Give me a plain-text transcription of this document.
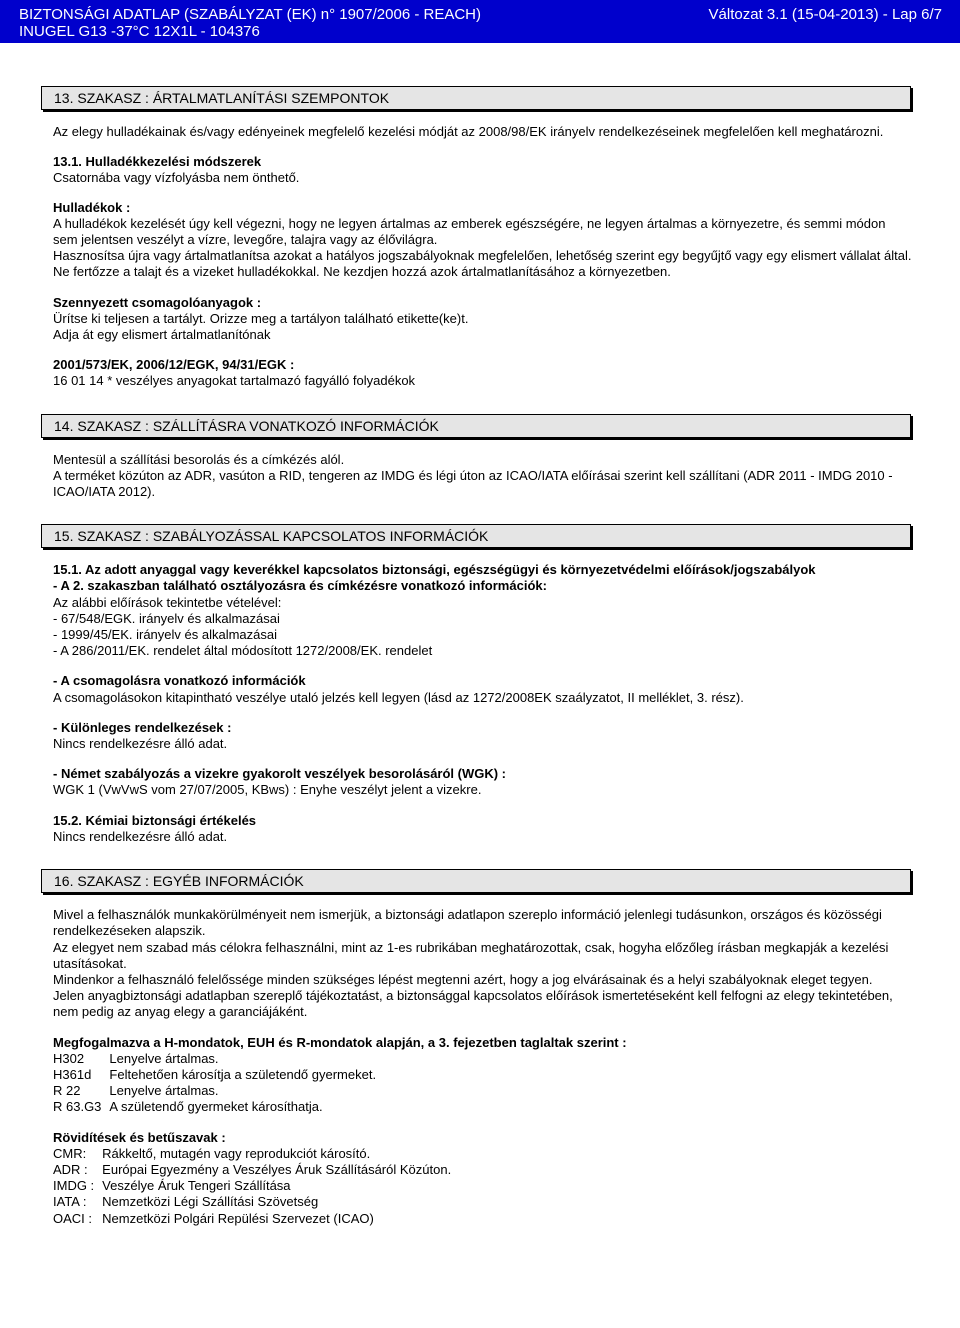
BIZTONSÁGI ADATLAP (SZABÁLYZAT (EK) n° 1907/2006 - REACH)	Változat 3.1 (15-04-2013) - Lap 6/7
INUGEL G13 -37°C 12X1L - 104376
13. SZAKASZ : ÁRTALMATLANÍTÁSI SZEMPONTOK

Az elegy hulladékainak és/vagy edényeinek megfelelő kezelési módját az 2008/98/EK irányelv rendelkezéseinek megfelelően kell meghatározni.

13.1. Hulladékkezelési módszerek

Csatornába vagy vízfolyásba nem önthető.

Hulladékok :

A hulladékok kezelését úgy kell végezni, hogy ne legyen ártalmas az emberek egészségére, ne legyen ártalmas a környezetre, és semmi módon sem jelentsen veszélyt a vízre, levegőre, talajra vagy az élővilágra.

Hasznosítsa újra vagy ártalmatlanítsa azokat a hatályos jogszabályoknak megfelelően, lehetőség szerint egy begyűjtő vagy egy elismert vállalat által.

Ne fertőzze a talajt és a vizeket hulladékokkal. Ne kezdjen hozzá azok ártalmatlanításához a környezetben.

Szennyezett csomagolóanyagok :

Ürítse ki teljesen a tartályt. Orizze meg a tartályon található etikette(ke)t.

Adja át egy elismert ártalmatlanítónak

2001/573/EK, 2006/12/EGK, 94/31/EGK :

16 01 14 * veszélyes anyagokat tartalmazó fagyálló folyadékok

14. SZAKASZ : SZÁLLÍTÁSRA VONATKOZÓ INFORMÁCIÓK

Mentesül a szállítási besorolás és a címkézés alól.

A terméket közúton az ADR, vasúton a RID, tengeren az IMDG és légi úton az ICAO/IATA előírásai szerint kell szállítani (ADR 2011 - IMDG 2010 - ICAO/IATA 2012).

15. SZAKASZ : SZABÁLYOZÁSSAL KAPCSOLATOS INFORMÁCIÓK

15.1. Az adott anyaggal vagy keverékkel kapcsolatos biztonsági, egészségügyi és környezetvédelmi előírások/jogszabályok

- A 2. szakaszban található osztályozásra és címkézésre vonatkozó információk:

Az alábbi előírások tekintetbe vételével:

- 67/548/EGK. irányelv és alkalmazásai

- 1999/45/EK. irányelv és alkalmazásai

- A 286/2011/EK. rendelet által módosított 1272/2008/EK. rendelet

- A csomagolásra vonatkozó információk

A csomagolásokon kitapintható veszélye utaló jelzés kell legyen (lásd az 1272/2008EK szaályzatot, II melléklet, 3. rész).

- Különleges rendelkezések :

Nincs rendelkezésre álló adat.

- Német szabályozás a vizekre gyakorolt veszélyek besorolásáról (WGK) :

WGK 1 (VwVwS vom 27/07/2005, KBws) : Enyhe veszélyt jelent a vizekre.

15.2. Kémiai biztonsági értékelés

Nincs rendelkezésre álló adat.

16. SZAKASZ : EGYÉB INFORMÁCIÓK

Mivel a felhasználók munkakörülményeit nem ismerjük, a biztonsági adatlapon szereplo információ jelenlegi tudásunkon, országos és közösségi rendelkezéseken alapszik.

Az elegyet nem szabad más célokra felhasználni, mint az 1-es rubrikában meghatározottak, csak, hogyha előzőleg írásban megkapják a kezelési utasításokat.

Mindenkor a felhasználó felelőssége minden szükséges lépést megtenni azért, hogy a jog elvárásainak és a helyi szabályoknak eleget tegyen.

Jelen anyagbiztonsági adatlapban szereplő tájékoztatást, a biztonsággal kapcsolatos előírások ismertetéseként kell felfogni az elegy tekintetében, nem pedig az anyag elegy a garanciájáként.

Megfogalmazva a H-mondatok, EUH és R-mondatok alapján, a 3. fejezetben taglaltak szerint :

H302	Lenyelve ártalmas.
H361d	Feltehetően károsítja a születendő gyermeket.
R 22	Lenyelve ártalmas.
R 63.G3	A születendő gyermeket károsíthatja.

Rövidítések és betűszavak :

CMR:	Rákkeltő, mutagén vagy reprodukciót károsító.
ADR :	Európai Egyezmény a Veszélyes Áruk Szállításáról Közúton.
IMDG :	Veszélye Áruk Tengeri Szállítása
IATA :	Nemzetközi Légi Szállítási Szövetség
OACI :	Nemzetközi Polgári Repülési Szervezet (ICAO)
